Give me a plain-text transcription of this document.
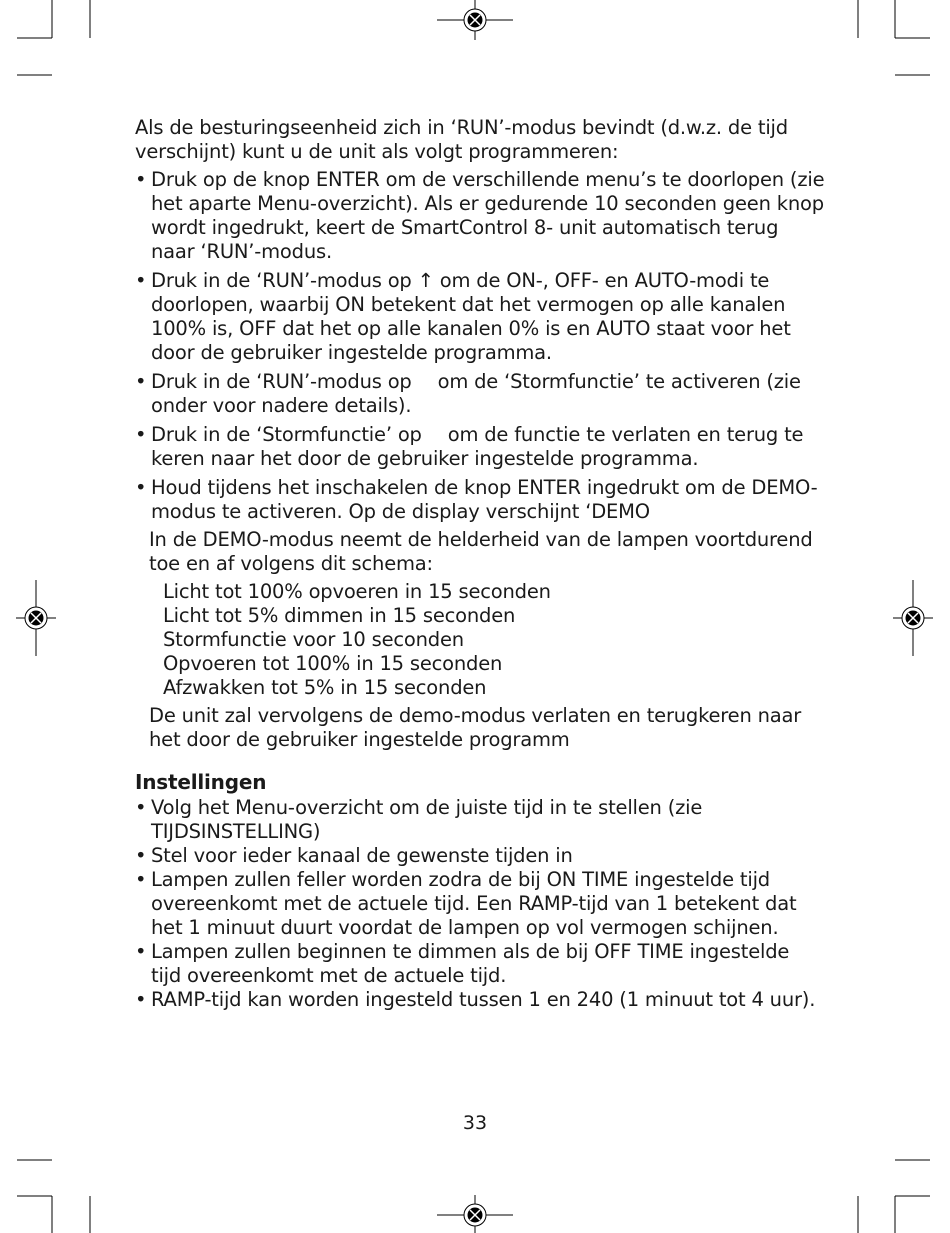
Als de besturingseenheid zich in ‘RUN’-modus bevindt (d.w.z. de tijd verschijnt) kunt u de unit als volgt programmeren:

• Druk op de knop ENTER om de verschillende menu’s te doorlopen (zie het aparte Menu-overzicht). Als er gedurende 10 seconden geen knop wordt ingedrukt, keert de SmartControl 8- unit automatisch terug naar ‘RUN’-modus.
• Druk in de ‘RUN’-modus op ↑ om de ON-, OFF- en AUTO-modi te doorlopen, waarbij ON betekent dat het vermogen op alle kanalen 100% is, OFF dat het op alle kanalen 0% is en AUTO staat voor het door de gebruiker ingestelde programma.
• Druk in de ‘RUN’-modus op om de ‘Stormfunctie’ te activeren (zie onder voor nadere details).
• Druk in de ‘Stormfunctie’ op om de functie te verlaten en terug te keren naar het door de gebruiker ingestelde programma.
• Houd tijdens het inschakelen de knop ENTER ingedrukt om de DEMO-modus te activeren. Op de display verschijnt ‘DEMO

In de DEMO-modus neemt de helderheid van de lampen voortdurend toe en af volgens dit schema:

Licht tot 100% opvoeren in 15 seconden
Licht tot 5% dimmen in 15 seconden
Stormfunctie voor 10 seconden
Opvoeren tot 100% in 15 seconden
Afzwakken tot 5% in 15 seconden

De unit zal vervolgens de demo-modus verlaten en terugkeren naar het door de gebruiker ingestelde programm

Instellingen
• Volg het Menu-overzicht om de juiste tijd in te stellen (zie TIJDSINSTELLING)
• Stel voor ieder kanaal de gewenste tijden in
• Lampen zullen feller worden zodra de bij ON TIME ingestelde tijd overeenkomt met de actuele tijd. Een RAMP-tijd van 1 betekent dat het 1 minuut duurt voordat de lampen op vol vermogen schijnen.
• Lampen zullen beginnen te dimmen als de bij OFF TIME ingestelde tijd overeenkomt met de actuele tijd.
• RAMP-tijd kan worden ingesteld tussen 1 en 240 (1 minuut tot 4 uur).
33
